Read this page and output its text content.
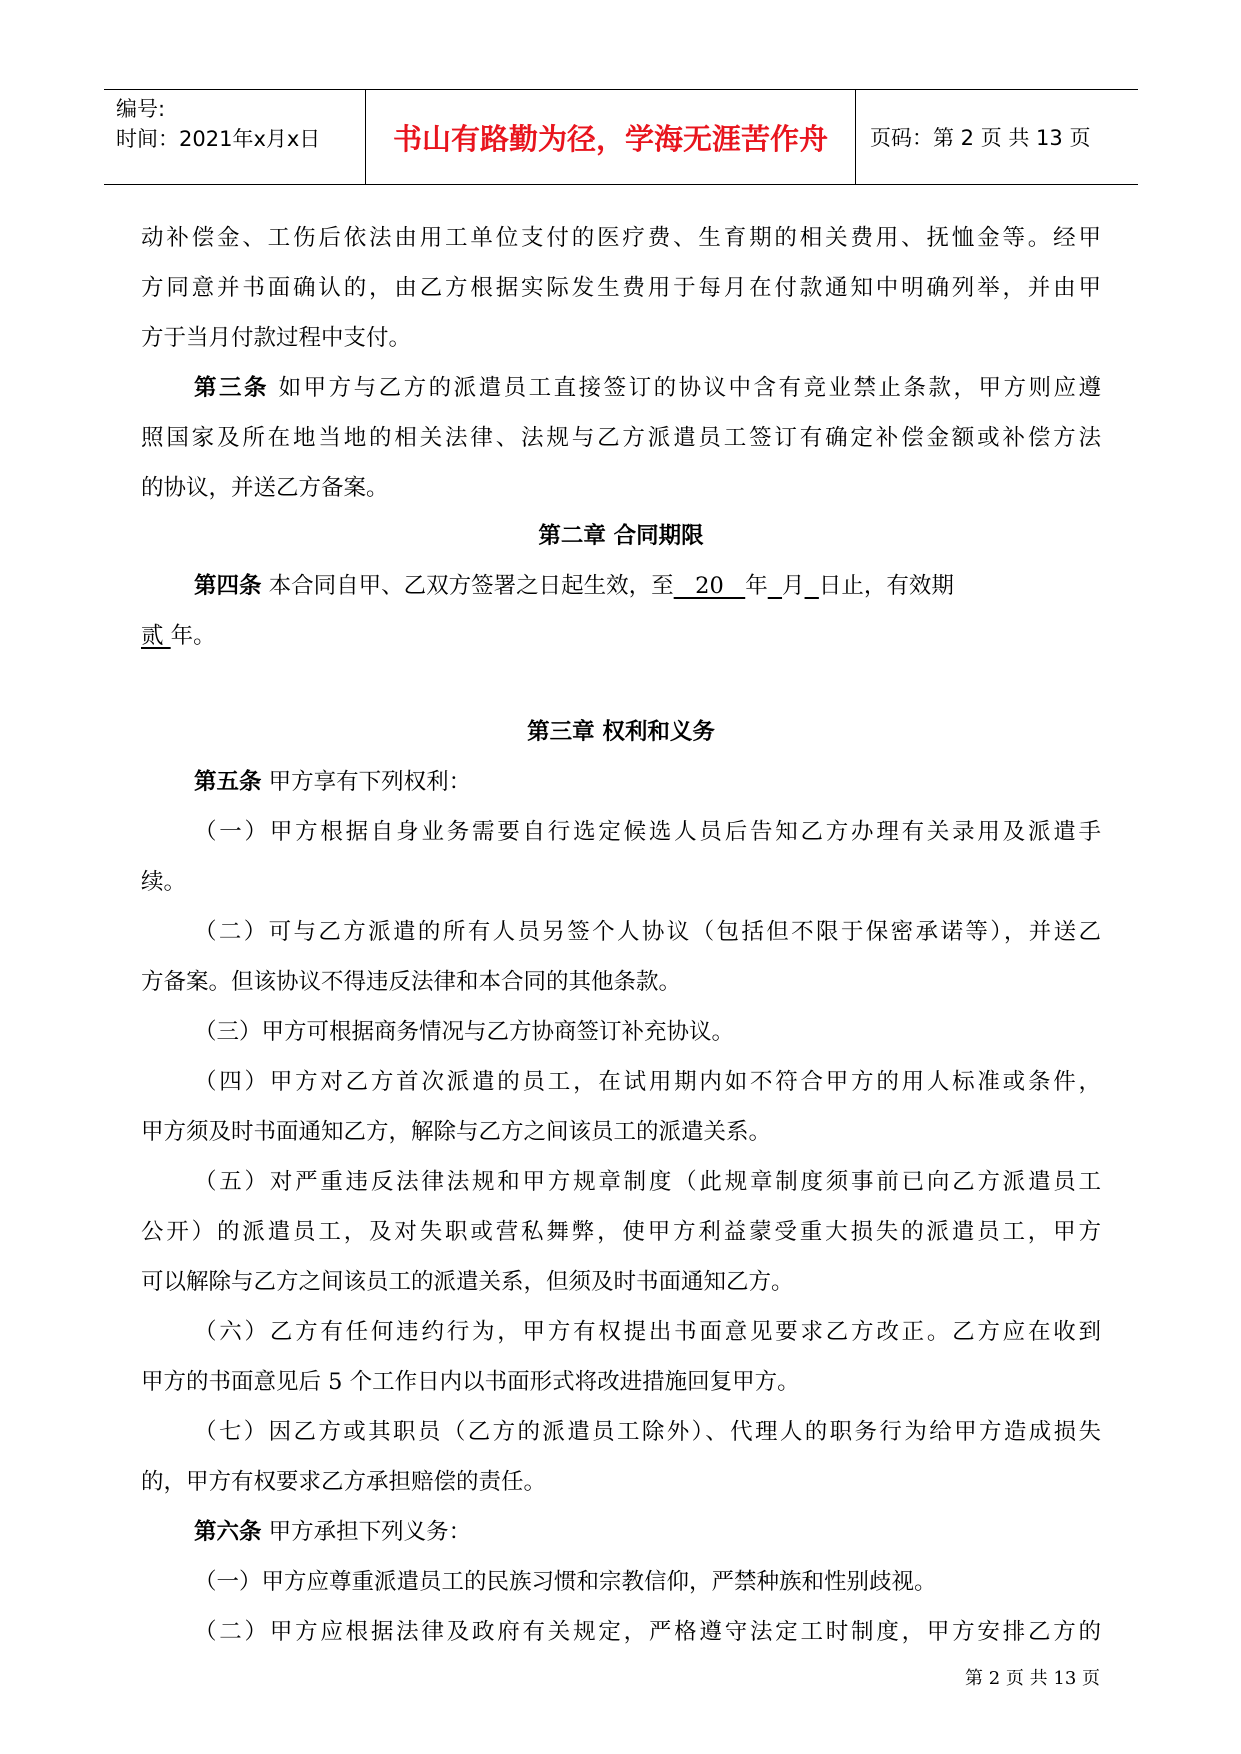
编号:
时间：2021年x月x日	书山有路勤为径，学海无涯苦作舟	页码：第 2 页 共 13 页
动补偿金、工伤后依法由用工单位支付的医疗费、生育期的相关费用、抚恤金等。经甲
方同意并书面确认的，由乙方根据实际发生费用于每月在付款通知中明确列举，并由甲
方于当月付款过程中支付。
第三条 如甲方与乙方的派遣员工直接签订的协议中含有竞业禁止条款，甲方则应遵
照国家及所在地当地的相关法律、法规与乙方派遣员工签订有确定补偿金额或补偿方法
的协议，并送乙方备案。
第二章 合同期限
第四条 本合同自甲、乙双方签署之日起生效，至   20   年 月 日止，有效期
贰 年。
第三章 权利和义务
第五条 甲方享有下列权利：
（一）甲方根据自身业务需要自行选定候选人员后告知乙方办理有关录用及派遣手
续。
（二）可与乙方派遣的所有人员另签个人协议（包括但不限于保密承诺等），并送乙
方备案。但该协议不得违反法律和本合同的其他条款。
（三）甲方可根据商务情况与乙方协商签订补充协议。
（四）甲方对乙方首次派遣的员工，在试用期内如不符合甲方的用人标准或条件，
甲方须及时书面通知乙方，解除与乙方之间该员工的派遣关系。
（五）对严重违反法律法规和甲方规章制度（此规章制度须事前已向乙方派遣员工
公开）的派遣员工，及对失职或营私舞弊，使甲方利益蒙受重大损失的派遣员工，甲方
可以解除与乙方之间该员工的派遣关系，但须及时书面通知乙方。
（六）乙方有任何违约行为，甲方有权提出书面意见要求乙方改正。乙方应在收到
甲方的书面意见后 5 个工作日内以书面形式将改进措施回复甲方。
（七）因乙方或其职员（乙方的派遣员工除外）、代理人的职务行为给甲方造成损失
的，甲方有权要求乙方承担赔偿的责任。
第六条 甲方承担下列义务：
（一）甲方应尊重派遣员工的民族习惯和宗教信仰，严禁种族和性别歧视。
（二）甲方应根据法律及政府有关规定，严格遵守法定工时制度，甲方安排乙方的
第 2 页 共 13 页
